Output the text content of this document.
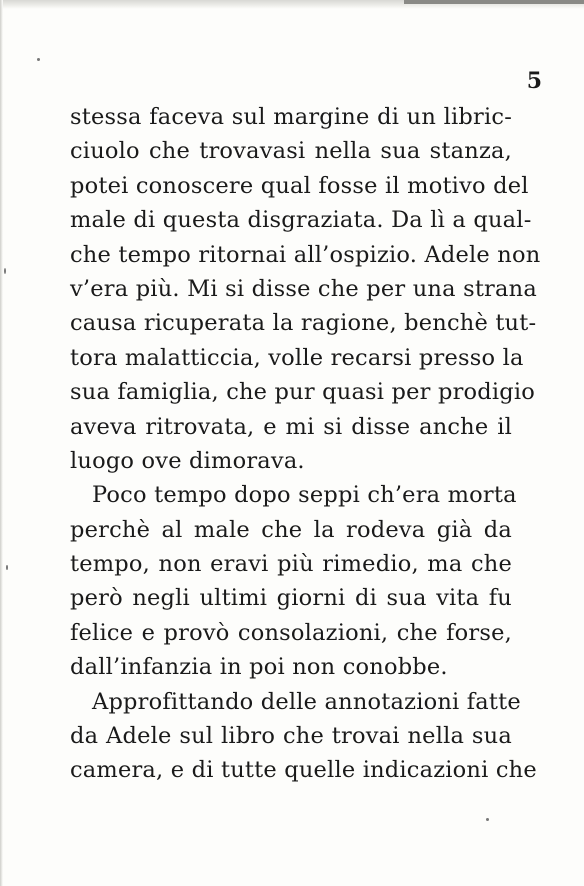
5
stessa faceva sul margine di un libric-
ciuolo che trovavasi nella sua stanza,
potei conoscere qual fosse il motivo del
male di questa disgraziata. Da lì a qual-
che tempo ritornai all’ospizio. Adele non
v’era più. Mi si disse che per una strana
causa ricuperata la ragione, benchè tut-
tora malatticcia, volle recarsi presso la
sua famiglia, che pur quasi per prodigio
aveva ritrovata, e mi si disse anche il
luogo ove dimorava.
Poco tempo dopo seppi ch’era morta
perchè al male che la rodeva già da
tempo, non eravi più rimedio, ma che
però negli ultimi giorni di sua vita fu
felice e provò consolazioni, che forse,
dall’infanzia in poi non conobbe.
Approfittando delle annotazioni fatte
da Adele sul libro che trovai nella sua
camera, e di tutte quelle indicazioni che
